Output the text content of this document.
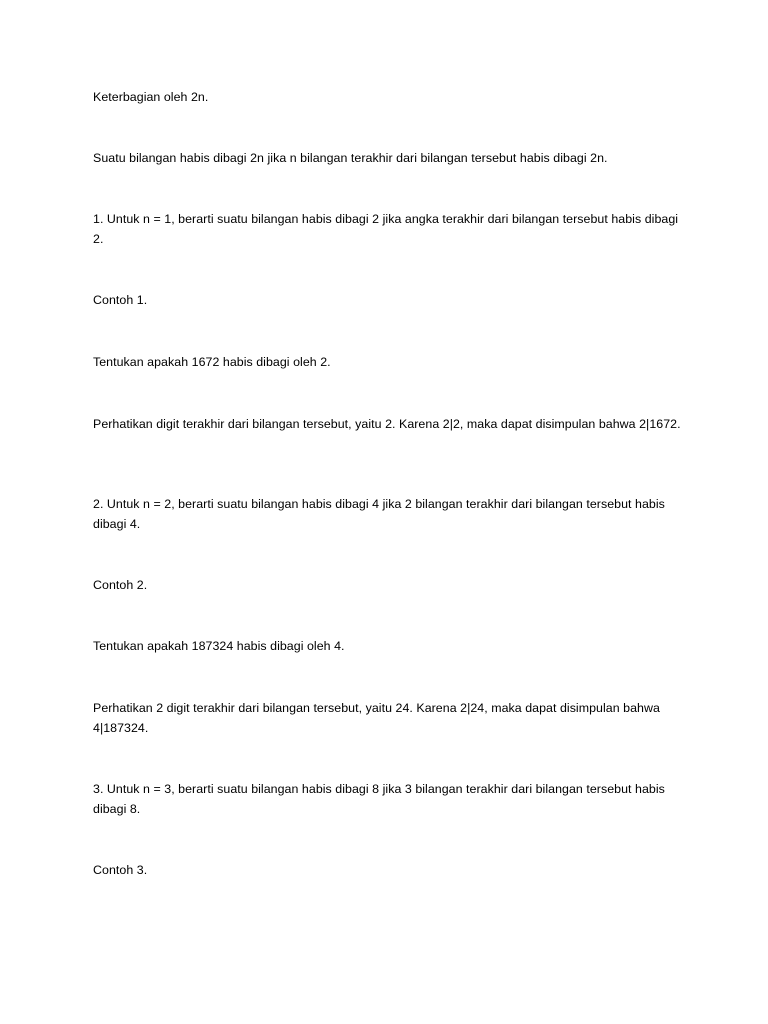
Keterbagian oleh 2n.

Suatu bilangan habis dibagi 2n jika n bilangan terakhir dari bilangan tersebut habis dibagi 2n.

1. Untuk n = 1, berarti suatu bilangan habis dibagi 2 jika angka terakhir dari bilangan tersebut habis dibagi 2.

Contoh 1.

Tentukan apakah 1672 habis dibagi oleh 2.

Perhatikan digit terakhir dari bilangan tersebut, yaitu 2. Karena 2|2, maka dapat disimpulan bahwa 2|1672.

2. Untuk n = 2, berarti suatu bilangan habis dibagi 4 jika 2 bilangan terakhir dari bilangan tersebut habis dibagi 4.

Contoh 2.

Tentukan apakah 187324 habis dibagi oleh 4.

Perhatikan 2 digit terakhir dari bilangan tersebut, yaitu 24. Karena 2|24, maka dapat disimpulan bahwa 4|187324.

3. Untuk n = 3, berarti suatu bilangan habis dibagi 8 jika 3 bilangan terakhir dari bilangan tersebut habis dibagi 8.

Contoh 3.
